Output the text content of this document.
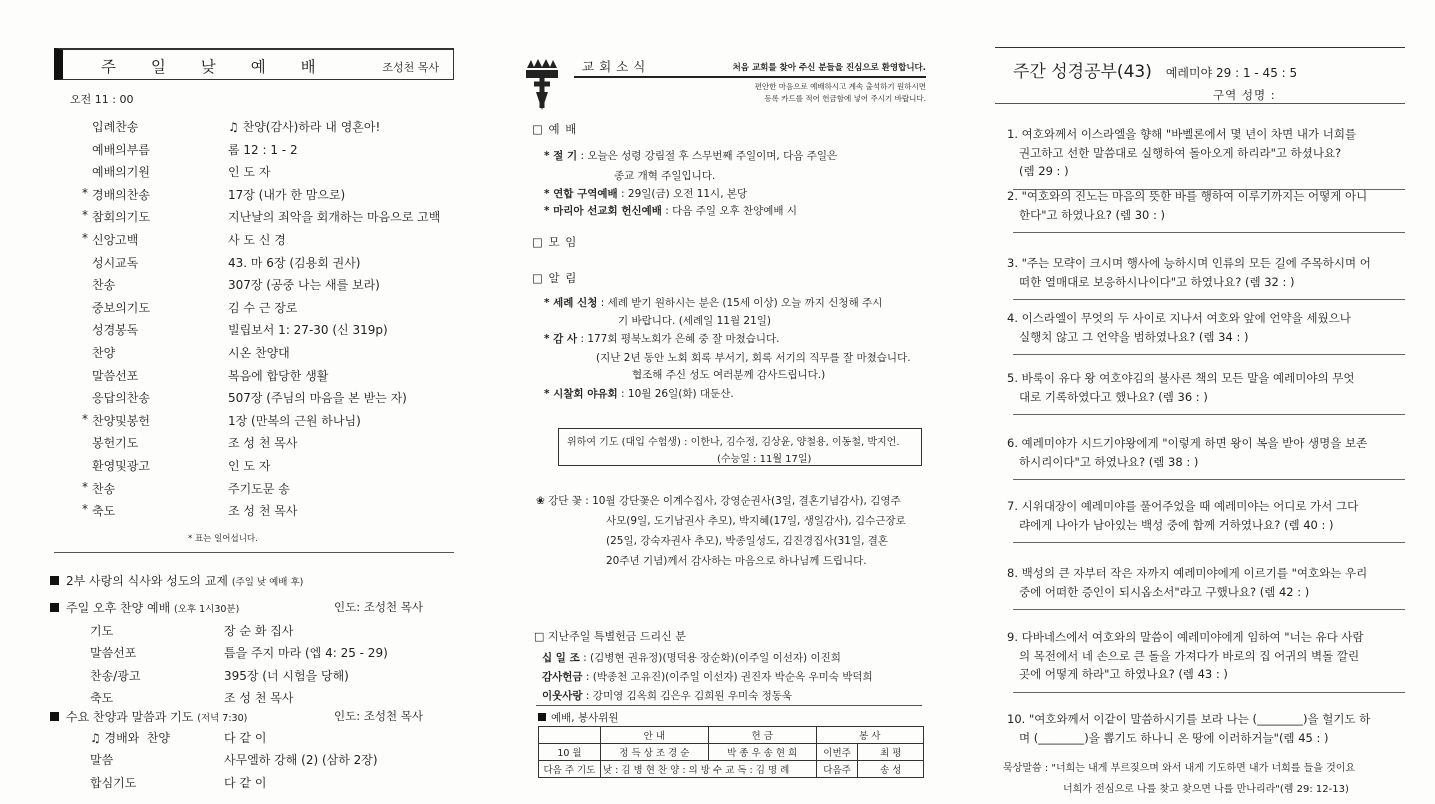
주 일 낮 예 배	조성천 목사
오전 11 : 00
입례찬송	♫ 찬양(감사)하라 내 영혼아!
예배의부름	롬 12 : 1 - 2
예배의기원	인 도 자
* 경배의찬송	17장 (내가 한 맘으로)
* 참회의기도	지난날의 죄악을 회개하는 마음으로 고백
* 신앙고백	사 도 신 경
성시교독	43. 마 6장 (김용회 권사)
찬송	307장 (공중 나는 새를 보라)
중보의기도	김 수 근 장로
성경봉독	빌립보서 1: 27-30 (신 319p)
찬양	시온 찬양대
말씀선포	복음에 합당한 생활
응답의찬송	507장 (주님의 마음을 본 받는 자)
* 찬양및봉헌	1장 (만복의 근원 하나님)
봉헌기도	조 성 천 목사
환영및광고	인 도 자
* 찬송	주기도문 송
* 축도	조 성 천 목사
* 표는 일어섭니다.
2부 사랑의 식사와 성도의 교제 (주일 낮 예배 후)
주일 오후 찬양 예배 (오후 1시30분)	인도: 조성천 목사
기도	장 순 화 집사
말씀선포	틈을 주지 마라 (엡 4: 25 - 29)
찬송/광고	395장 (너 시험을 당해)
축도	조 성 천 목사
수요 찬양과 말씀과 기도 (저녁 7:30)	인도: 조성천 목사
♫경배와 찬양	다 같 이
말씀	사무엘하 강해 (2) (삼하 2장)
합심기도	다 같 이
교회소식	처음 교회를 찾아 주신 분들을 진심으로 환영합니다.
편안한 마음으로 예배하시고 계속 출석하기 원하시면
등록 카드를 적어 헌금함에 넣어 주시기 바랍니다.
□ 예 배
* 절 기 : 오늘은 성령 강림절 후 스무번째 주일이며, 다음 주일은
종교 개혁 주일입니다.
* 연합 구역예배 : 29일(금) 오전 11시, 본당
* 마리아 선교회 헌신예배 : 다음 주일 오후 찬양예배 시
□ 모 임
□ 알 림
* 세례 신청 : 세례 받기 원하시는 분은 (15세 이상) 오늘 까지 신청해 주시
기 바랍니다. (세례일 11월 21일)
* 감 사 : 177회 평북노회가 은혜 중 잘 마쳤습니다.
(지난 2년 동안 노회 회록 부서기, 회록 서기의 직무를 잘 마쳤습니다.
협조해 주신 성도 여러분께 감사드립니다.)
* 시찰회 야유회 : 10월 26일(화) 대둔산.
위하여 기도 (대입 수험생) : 이한나, 김수정, 김상윤, 양철용, 이동철, 박지언.
(수능일 : 11월 17일)
❀ 강단 꽃 : 10월 강단꽃은 이계수집사, 강영순권사(3일, 결혼기념감사), 김영주
사모(9일, 도기남권사 추모), 박지혜(17일, 생일감사), 김수근장로
(25일, 강숙자권사 추모), 박종일성도, 김진경집사(31일, 결혼
20주년 기념)께서 감사하는 마음으로 하나님께 드립니다.
□ 지난주일 특별헌금 드리신 분
십 일 조 : (김병현 권유정)(명덕용 장순화)(이주일 이선자) 이진희
감사헌금 : (박종천 고유진)(이주일 이선자) 권진자 박순옥 우미숙 박덕희
이웃사랑 : 강미영 김옥희 김은우 김희원 우미숙 정동욱
예배, 봉사위원
	안 내	헌 금	봉 사	
10 월	정 득 상 조 경 순	박 종 우 송 현 희	이번주	최 평
다음 주 기도	낮 : 김 병 현 찬 양 : 의 방 수 교 독 : 김 명 례		다음주	송 성
주간 성경공부(43) 예레미야 29 : 1 - 45 : 5
구역 성명 :
1. 여호와께서 이스라엘을 향해 "바벨론에서 몇 년이 차면 내가 너희를
권고하고 선한 말씀대로 실행하여 돌아오게 하리라"고 하셨나요?
(렘 29 : )
2. "여호와의 진노는 마음의 뜻한 바를 행하여 이루기까지는 어떻게 아니
한다"고 하였나요? (렘 30 : )
3. "주는 모략이 크시며 행사에 능하시며 인류의 모든 길에 주목하시며 어
떠한 열매대로 보응하시나이다"고 하였나요? (렘 32 : )
4. 이스라엘이 무엇의 두 사이로 지나서 여호와 앞에 언약을 세웠으나
실행치 않고 그 언약을 범하였나요? (렘 34 : )
5. 바룩이 유다 왕 여호야김의 불사른 책의 모든 말을 예레미야의 무엇
대로 기록하였다고 했나요? (렘 36 : )
6. 예레미야가 시드기야왕에게 "이렇게 하면 왕이 복을 받아 생명을 보존
하시리이다"고 하였나요? (렘 38 : )
7. 시위대장이 예레미야를 풀어주었을 때 예레미야는 어디로 가서 그다
랴에게 나아가 남아있는 백성 중에 함께 거하였나요? (렘 40 : )
8. 백성의 큰 자부터 작은 자까지 예레미야에게 이르기를 "여호와는 우리
중에 어떠한 증인이 되시옵소서"라고 구했나요? (렘 42 : )
9. 다바네스에서 여호와의 말씀이 예레미야에게 임하여 "너는 유다 사람
의 목전에서 네 손으로 큰 돌을 가져다가 바로의 집 어귀의 벽돌 깔린
곳에 어떻게 하라"고 하였나요? (렘 43 : )
10. "여호와께서 이같이 말씀하시기를 보라 나는 (________)을 헐기도 하
며 (________)을 뽑기도 하나니 온 땅에 이러하거늘"(렘 45 : )
묵상말씀 : "너희는 내게 부르짖으며 와서 내게 기도하면 내가 너희를 들을 것이요
너희가 전심으로 나를 찾고 찾으면 나를 만나리라"(렘 29: 12-13)
